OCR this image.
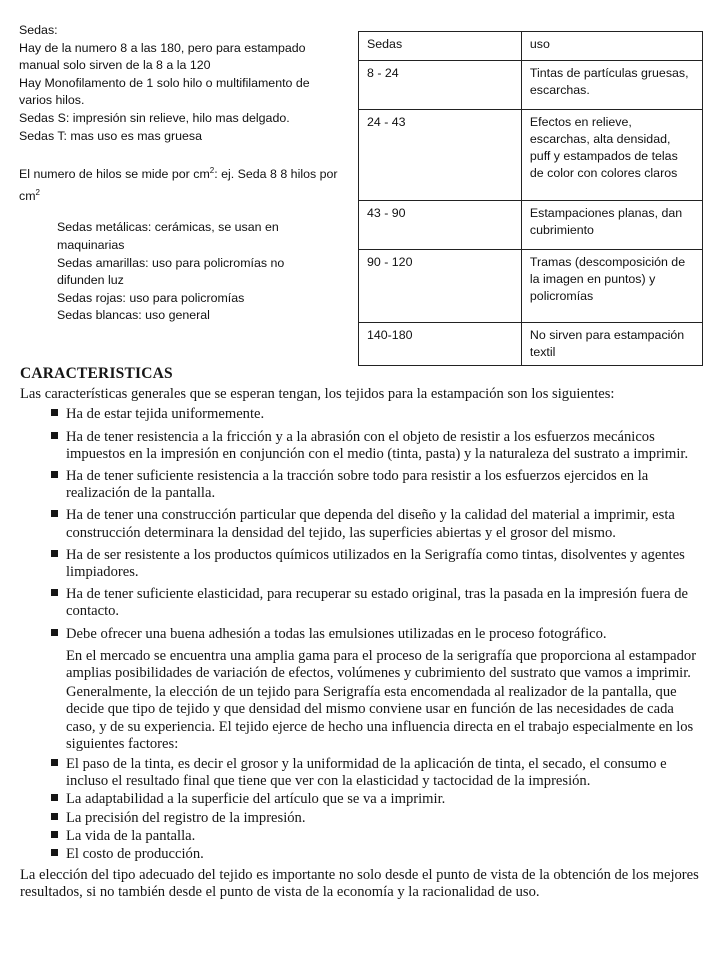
Sedas:

Hay de la numero 8 a las 180, pero para estampado manual solo sirven de la 8 a la 120

Hay Monofilamento de 1 solo hilo o multifilamento de varios hilos.

Sedas S: impresión sin relieve, hilo mas delgado.

Sedas T: mas uso es mas gruesa

El numero de hilos se mide por $cm^2$: ej. Seda 8 8 hilos por $cm^2$

Sedas metálicas: cerámicas, se usan en maquinarias

Sedas amarillas: uso para policromías no difunden luz

Sedas rojas: uso para policromías

Sedas blancas: uso general

Sedas	uso
8 - 24	Tintas de partículas gruesas, escarchas.
24 - 43	Efectos en relieve, escarchas, alta densidad, puff y estampados de telas de color con colores claros
43 - 90	Estampaciones planas, dan cubrimiento
90 - 120	Tramas (descomposición de la imagen en puntos) y policromías
140-180	No sirven para estampación textil
CARACTERISTICAS

Las características generales que se esperan tengan, los tejidos para la estampación son los siguientes:

Ha de estar tejida uniformemente.
Ha de tener resistencia a la fricción y a la abrasión con el objeto de resistir a los esfuerzos mecánicos impuestos en la impresión en conjunción con el medio (tinta, pasta) y la naturaleza del sustrato a imprimir.
Ha de tener suficiente resistencia a la tracción sobre todo para resistir a los esfuerzos ejercidos en la realización de la pantalla.
Ha de tener una construcción particular que dependa del diseño y la calidad del material a imprimir, esta construcción determinara la densidad del tejido, las superficies abiertas y el grosor del mismo.
Ha de ser resistente a los productos químicos utilizados en la Serigrafía como tintas, disolventes y agentes limpiadores.
Ha de tener suficiente elasticidad, para recuperar su estado original, tras la pasada en la impresión fuera de contacto.
Debe ofrecer una buena adhesión a todas las emulsiones utilizadas en le proceso fotográfico.

En el mercado se encuentra una amplia gama para el proceso de la serigrafía que proporciona al estampador amplias posibilidades de variación de efectos, volúmenes y cubrimiento del sustrato que vamos a imprimir.

Generalmente, la elección de un tejido para Serigrafía esta encomendada al realizador de la pantalla, que decide que tipo de tejido y que densidad del mismo conviene usar en función de las necesidades de cada caso, y de su experiencia. El tejido ejerce de hecho una influencia directa en el trabajo especialmente en los siguientes factores:

El paso de la tinta, es decir el grosor y la uniformidad de la aplicación de tinta, el secado, el consumo e incluso el resultado final que tiene que ver con la elasticidad y tactocidad de la impresión.
La adaptabilidad a la superficie del artículo que se va a imprimir.
La precisión del registro de la impresión.
La vida de la pantalla.
El costo de producción.

La elección del tipo adecuado del tejido es importante no solo desde el punto de vista de la obtención de los mejores resultados, si no también desde el punto de vista de la economía y la racionalidad de uso.
